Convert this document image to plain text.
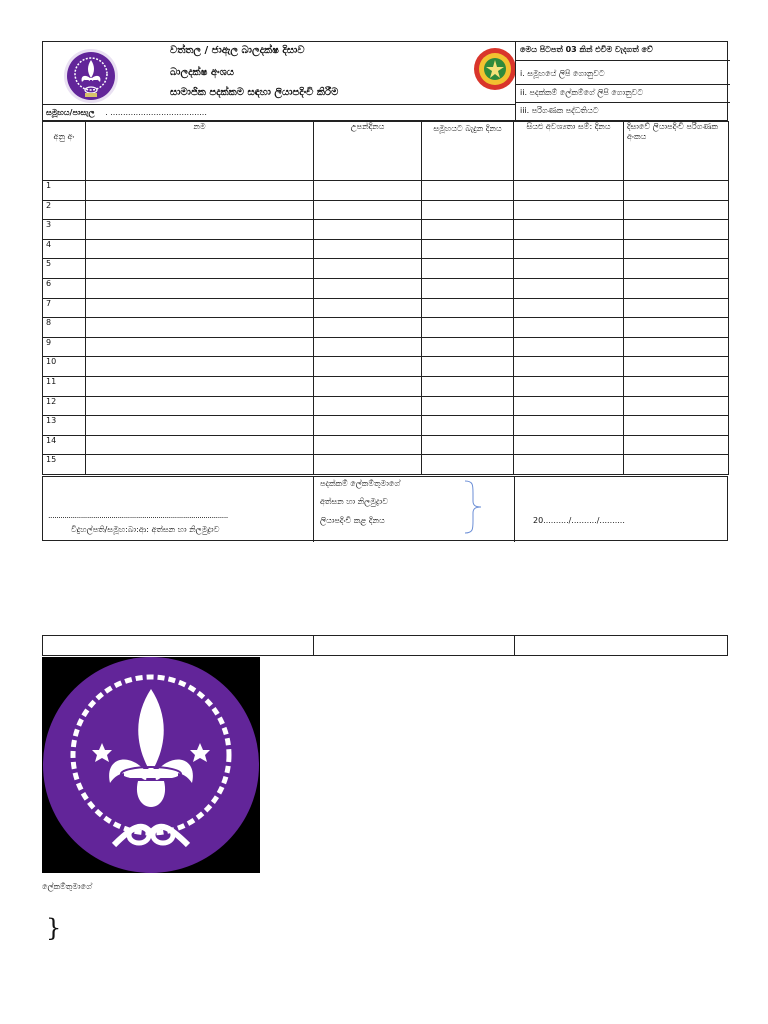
වත්තල / ජාඇල බාලදක්ෂ දිසාව
බාලදක්ෂ අංශය
සාමාජික පදක්කම සඳහා ලියාපදිංචි කිරීම
සමූහය/පාසැල . ......................................
මෙය පිටපත් 03 කින් එවීම වැදගත් වේ
i. සමූහයේ ලිපි ගොනුවට
ii. පදක්කම් ලේකම්ගේ ලිපි ගොනුවට
iii. පරිගණක පද්ධතියට
අනු අං	නම	උපන්දිනය	සමූහයට බැදුන දිනය	සියළු අවශ්‍යතා සම්: දිනය	දිසාවේ ලියාපදිංචි පරිගණක අංකය
1					
2					
3					
4					
5					
6					
7					
8					
9					
10					
11					
12					
13					
14					
15					
........................................................................................
විදුහල්පති/සමූහ:බා:ආ: අත්සන හා නිලමුද්‍රාව
පදක්කම් ලේකම්තුමාගේ
අත්සන හා නිලමුද්‍රාව
ලියාපදිංචි කළ දිනය	20........../........../..........
ලේකම්තුමාගේ
}
